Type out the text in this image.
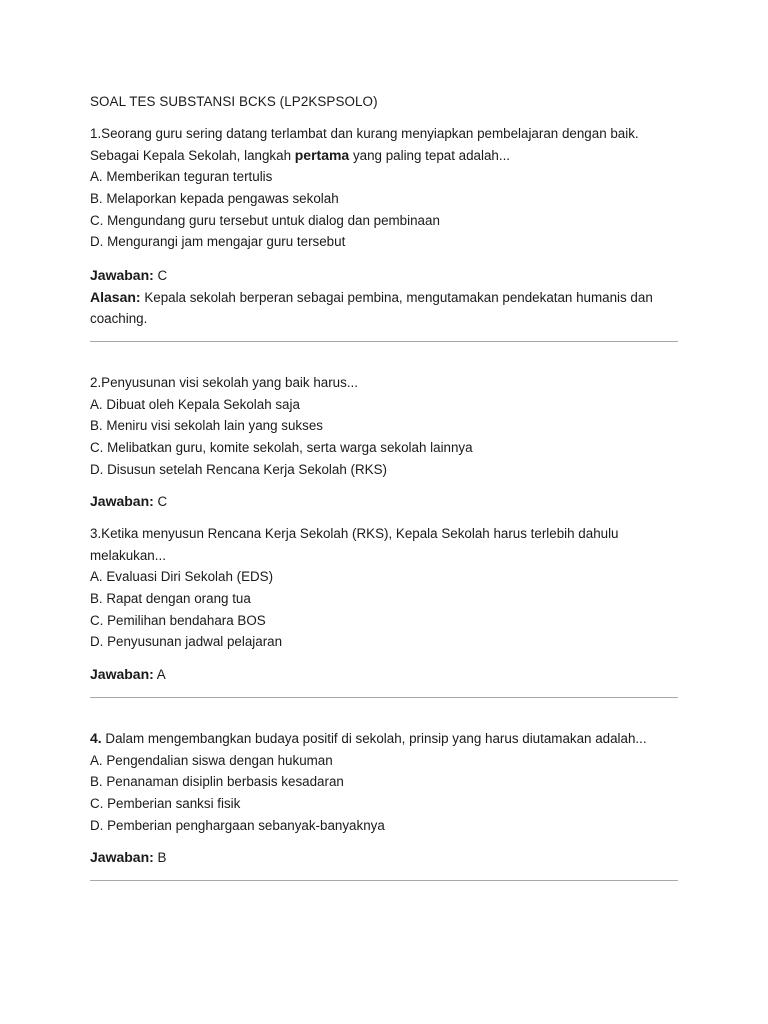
SOAL TES SUBSTANSI BCKS (LP2KSPSOLO)
1.Seorang guru sering datang terlambat dan kurang menyiapkan pembelajaran dengan baik.
Sebagai Kepala Sekolah, langkah pertama yang paling tepat adalah...
A. Memberikan teguran tertulis
B. Melaporkan kepada pengawas sekolah
C. Mengundang guru tersebut untuk dialog dan pembinaan
D. Mengurangi jam mengajar guru tersebut
Jawaban: C
Alasan: Kepala sekolah berperan sebagai pembina, mengutamakan pendekatan humanis dan
coaching.
2.Penyusunan visi sekolah yang baik harus...
A. Dibuat oleh Kepala Sekolah saja
B. Meniru visi sekolah lain yang sukses
C. Melibatkan guru, komite sekolah, serta warga sekolah lainnya
D. Disusun setelah Rencana Kerja Sekolah (RKS)
Jawaban: C
3.Ketika menyusun Rencana Kerja Sekolah (RKS), Kepala Sekolah harus terlebih dahulu
melakukan...
A. Evaluasi Diri Sekolah (EDS)
B. Rapat dengan orang tua
C. Pemilihan bendahara BOS
D. Penyusunan jadwal pelajaran
Jawaban: A
4. Dalam mengembangkan budaya positif di sekolah, prinsip yang harus diutamakan adalah...
A. Pengendalian siswa dengan hukuman
B. Penanaman disiplin berbasis kesadaran
C. Pemberian sanksi fisik
D. Pemberian penghargaan sebanyak-banyaknya
Jawaban: B
